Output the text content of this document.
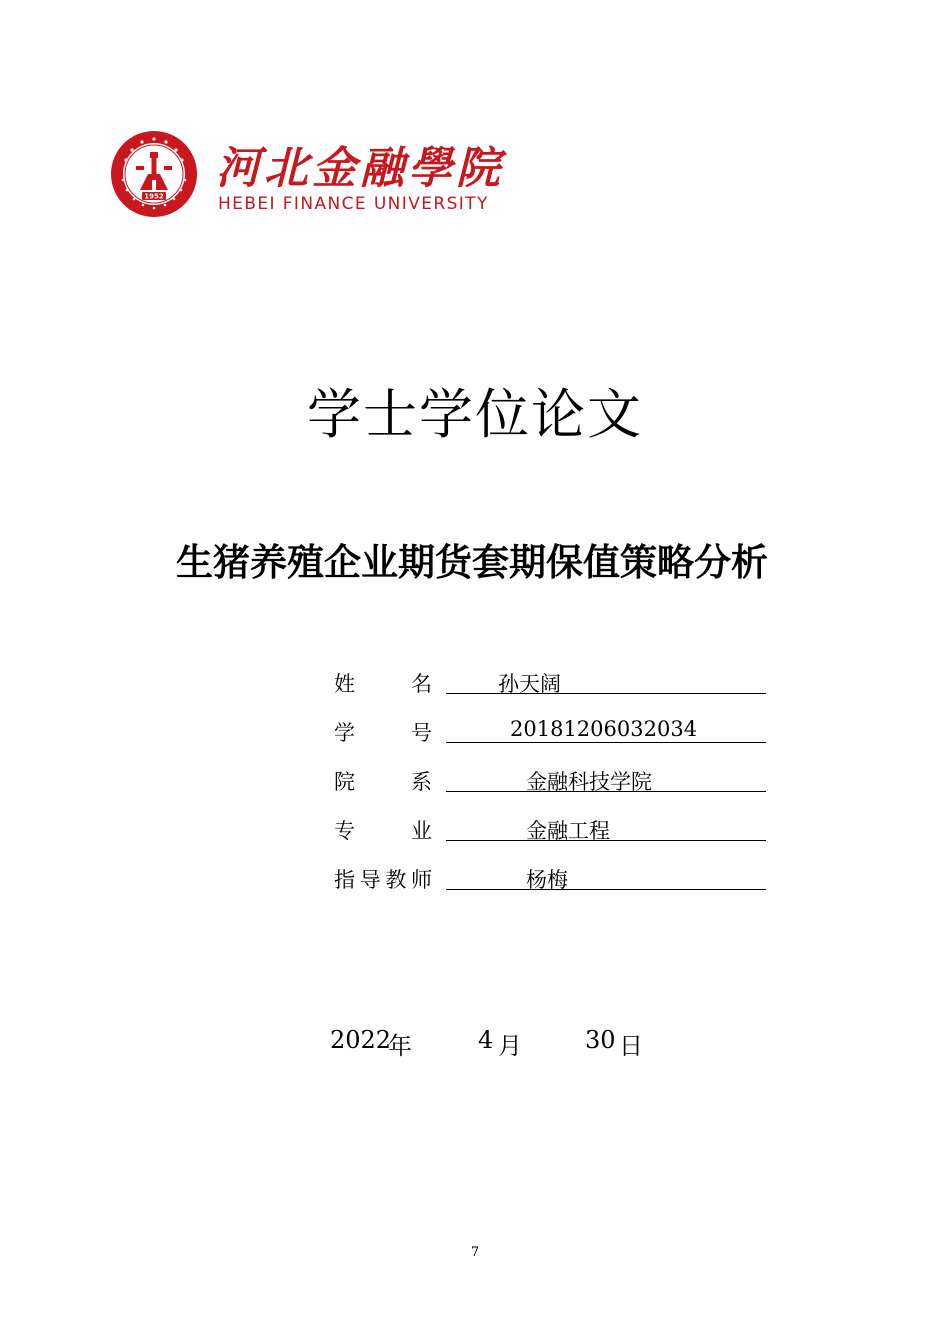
1952
河北金融學院
HEBEI FINANCE UNIVERSITY
学士学位论文
生猪养殖企业期货套期保值策略分析
姓	名	孙天阔
学	号	20181206032034
院	系	金融科技学院
专	业	金融工程
指 导 教 师	杨梅
2022
年	4 月	30 日
7
